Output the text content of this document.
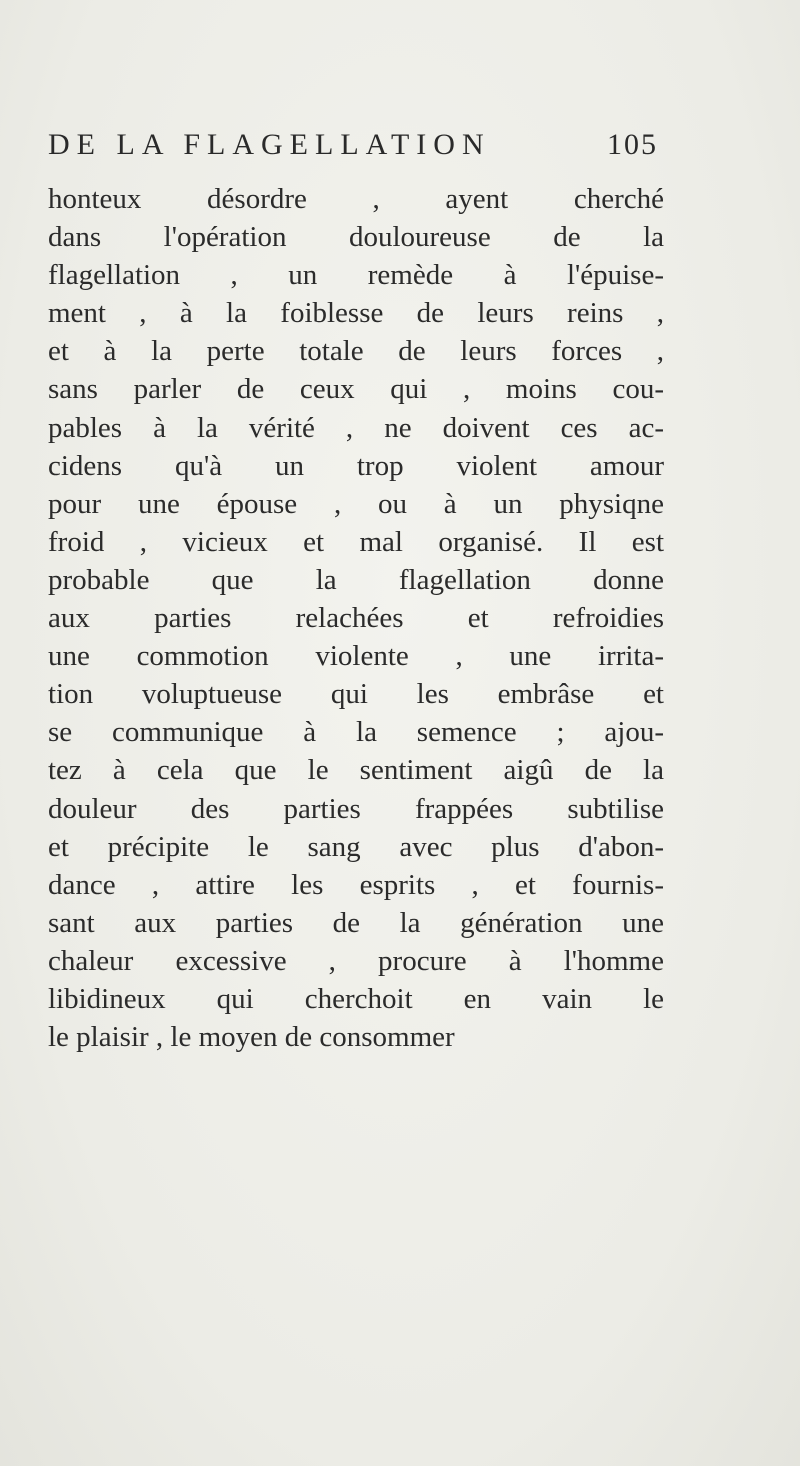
DE LA FLAGELLATION	105
honteux désordre , ayent cherché
dans l'opération douloureuse de la
flagellation , un remède à l'épuise-
ment , à la foiblesse de leurs reins ,
et à la perte totale de leurs forces ,
sans parler de ceux qui , moins cou-
pables à la vérité , ne doivent ces ac-
cidens qu'à un trop violent amour
pour une épouse , ou à un physiqne
froid , vicieux et mal organisé. Il est
probable que la flagellation donne
aux parties relachées et refroidies
une commotion violente , une irrita-
tion voluptueuse qui les embrâse et
se communique à la semence ; ajou-
tez à cela que le sentiment aigû de la
douleur des parties frappées subtilise
et précipite le sang avec plus d'abon-
dance , attire les esprits , et fournis-
sant aux parties de la génération une
chaleur excessive , procure à l'homme
libidineux qui cherchoit en vain le
le plaisir , le moyen de consommer
